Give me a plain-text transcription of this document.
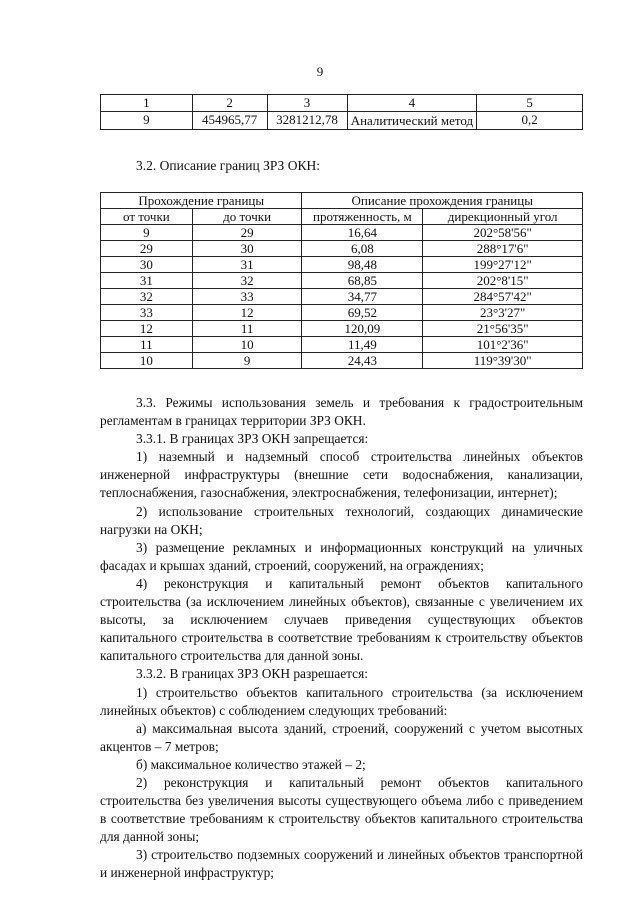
9
1	2	3	4	5
9	454965,77	3281212,78	Аналитический метод	0,2
3.2. Описание границ ЗРЗ ОКН:
Прохождение границы		Описание прохождения границы	
от точки	до точки	протяженность, м	дирекционный угол
9	29	16,64	202°58'56"
29	30	6,08	288°17'6"
30	31	98,48	199°27'12"
31	32	68,85	202°8'15"
32	33	34,77	284°57'42"
33	12	69,52	23°3'27"
12	11	120,09	21°56'35"
11	10	11,49	101°2'36"
10	9	24,43	119°39'30"

3.3. Режимы использования земель и требования к градостроительным регламентам в границах территории ЗРЗ ОКН.

3.3.1. В границах ЗРЗ ОКН запрещается:

1) наземный и надземный способ строительства линейных объектов инженерной инфраструктуры (внешние сети водоснабжения, канализации, теплоснабжения, газоснабжения, электроснабжения, телефонизации, интернет);

2) использование строительных технологий, создающих динамические нагрузки на ОКН;

3) размещение рекламных и информационных конструкций на уличных фасадах и крышах зданий, строений, сооружений, на ограждениях;

4) реконструкция и капитальный ремонт объектов капитального строительства (за исключением линейных объектов), связанные с увеличением их высоты, за исключением случаев приведения существующих объектов капитального строительства в соответствие требованиям к строительству объектов капитального строительства для данной зоны.

3.3.2. В границах ЗРЗ ОКН разрешается:

1) строительство объектов капитального строительства (за исключением линейных объектов) с соблюдением следующих требований:

а) максимальная высота зданий, строений, сооружений с учетом высотных акцентов – 7 метров;

б) максимальное количество этажей – 2;

2) реконструкция и капитальный ремонт объектов капитального строительства без увеличения высоты существующего объема либо с приведением в соответствие требованиям к строительству объектов капитального строительства для данной зоны;

3) строительство подземных сооружений и линейных объектов транспортной и инженерной инфраструктур;
